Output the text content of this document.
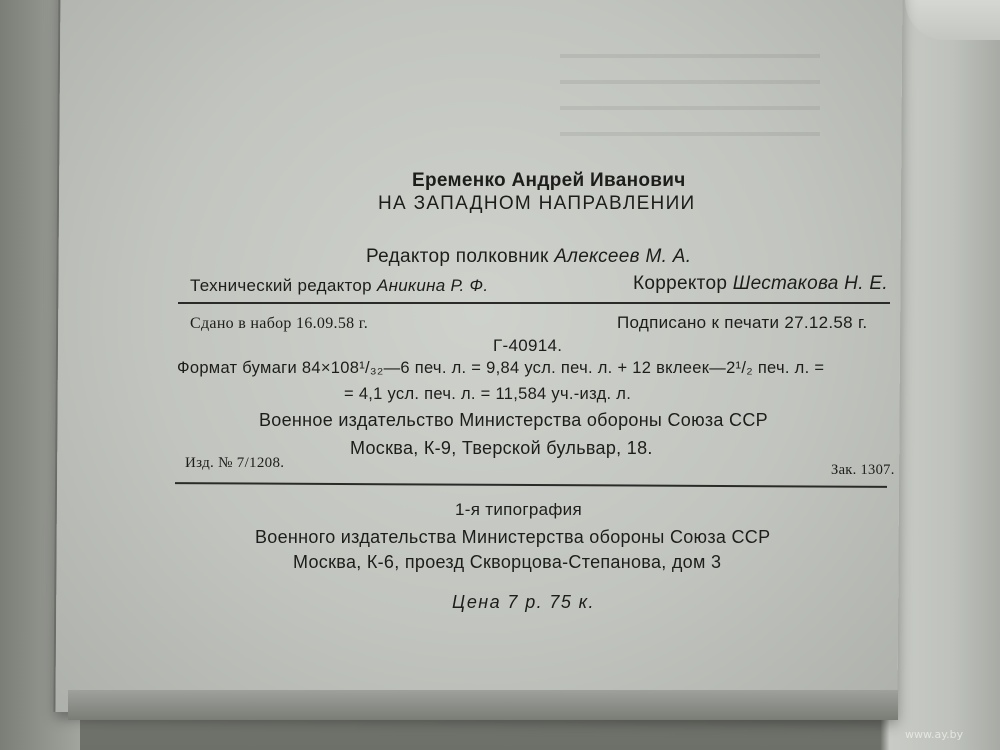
Еременко Андрей Иванович
НА ЗАПАДНОМ НАПРАВЛЕНИИ
Редактор полковник Алексеев М. А.
Технический редактор Аникина Р. Ф.	Корректор Шестакова Н. Е.
Сдано в набор 16.09.58 г.	Подписано к печати 27.12.58 г.
Г-40914.
Формат бумаги 84×108¹/₃₂—6 печ. л. = 9,84 усл. печ. л. + 12 вклеек—2¹/₂ печ. л. =
= 4,1 усл. печ. л. = 11,584 уч.-изд. л.
Военное издательство Министерства обороны Союза ССР
Москва, К-9, Тверской бульвар, 18.
Изд. № 7/1208.	Зак. 1307.
1-я типография
Военного издательства Министерства обороны Союза ССР
Москва, К-6, проезд Скворцова-Степанова, дом 3
Цена 7 р. 75 к.
www.ay.by
